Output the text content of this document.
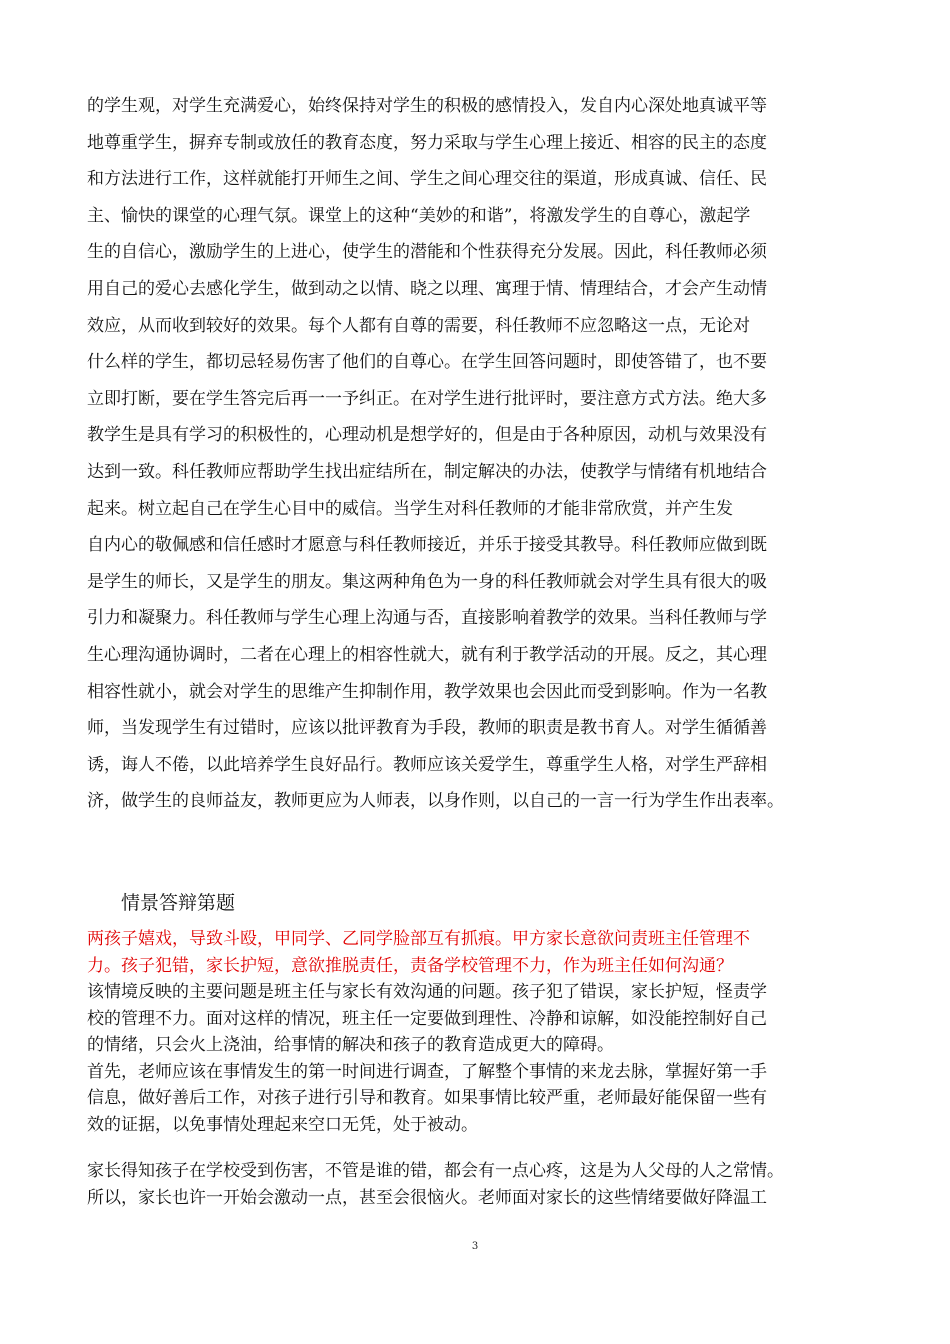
的学生观，对学生充满爱心，始终保持对学生的积极的感情投入，发自内心深处地真诚平等
地尊重学生，摒弃专制或放任的教育态度，努力采取与学生心理上接近、相容的民主的态度
和方法进行工作，这样就能打开师生之间、学生之间心理交往的渠道，形成真诚、信任、民
主、愉快的课堂的心理气氛。课堂上的这种“美妙的和谐”，将激发学生的自尊心，激起学
生的自信心，激励学生的上进心，使学生的潜能和个性获得充分发展。因此，科任教师必须
用自己的爱心去感化学生，做到动之以情、晓之以理、寓理于情、情理结合，才会产生动情
效应，从而收到较好的效果。每个人都有自尊的需要，科任教师不应忽略这一点，无论对
什么样的学生，都切忌轻易伤害了他们的自尊心。在学生回答问题时，即使答错了，也不要
立即打断，要在学生答完后再一一予纠正。在对学生进行批评时，要注意方式方法。绝大多
教学生是具有学习的积极性的，心理动机是想学好的，但是由于各种原因，动机与效果没有
达到一致。科任教师应帮助学生找出症结所在，制定解决的办法，使教学与情绪有机地结合
起来。树立起自己在学生心目中的威信。当学生对科任教师的才能非常欣赏，并产生发
自内心的敬佩感和信任感时才愿意与科任教师接近，并乐于接受其教导。科任教师应做到既
是学生的师长，又是学生的朋友。集这两种角色为一身的科任教师就会对学生具有很大的吸
引力和凝聚力。科任教师与学生心理上沟通与否，直接影响着教学的效果。当科任教师与学
生心理沟通协调时，二者在心理上的相容性就大，就有利于教学活动的开展。反之，其心理
相容性就小，就会对学生的思维产生抑制作用，教学效果也会因此而受到影响。作为一名教
师，当发现学生有过错时，应该以批评教育为手段，教师的职责是教书育人。对学生循循善
诱，诲人不倦，以此培养学生良好品行。教师应该关爱学生，尊重学生人格，对学生严辞相
济，做学生的良师益友，教师更应为人师表，以身作则，以自己的一言一行为学生作出表率。
情景答辩第题
两孩子嬉戏，导致斗殴，甲同学、乙同学脸部互有抓痕。甲方家长意欲问责班主任管理不
力。孩子犯错，家长护短，意欲推脱责任，责备学校管理不力，作为班主任如何沟通？
该情境反映的主要问题是班主任与家长有效沟通的问题。孩子犯了错误，家长护短，怪责学
校的管理不力。面对这样的情况，班主任一定要做到理性、冷静和谅解，如没能控制好自己
的情绪，只会火上浇油，给事情的解决和孩子的教育造成更大的障碍。
首先，老师应该在事情发生的第一时间进行调查，了解整个事情的来龙去脉，掌握好第一手
信息，做好善后工作，对孩子进行引导和教育。如果事情比较严重，老师最好能保留一些有
效的证据，以免事情处理起来空口无凭，处于被动。
家长得知孩子在学校受到伤害，不管是谁的错，都会有一点心疼，这是为人父母的人之常情。
所以，家长也许一开始会激动一点，甚至会很恼火。老师面对家长的这些情绪要做好降温工
3
